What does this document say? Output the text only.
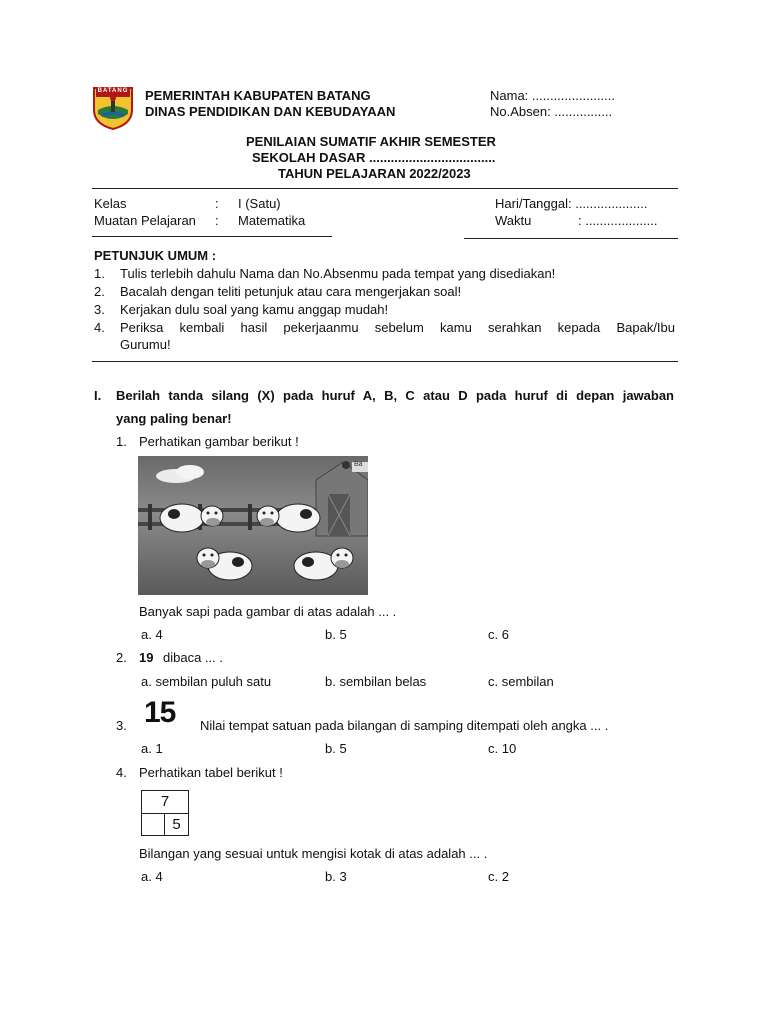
BATANG	PEMERINTAH KABUPATEN BATANG
DINAS PENDIDIKAN DAN KEBUDAYAAN
Nama: .......................
No.Absen: ................
PENILAIAN SUMATIF AKHIR SEMESTER
SEKOLAH DASAR ...................................
TAHUN PELAJARAN 2022/2023
Kelas	: I (Satu)
Muatan Pelajaran : Matematika
Hari/Tanggal: ....................
Waktu	: ....................
PETUNJUK UMUM :
1. Tulis terlebih dahulu Nama dan No.Absenmu pada tempat yang disediakan!
2. Bacalah dengan teliti petunjuk atau cara mengerjakan soal!
3. Kerjakan dulu soal yang kamu anggap mudah!
4. Periksa kembali hasil pekerjaanmu sebelum kamu serahkan kepada Bapak/Ibu
Gurumu!
I. Berilah tanda silang (X) pada huruf A, B, C atau D pada huruf di depan jawaban
yang paling benar!
1. Perhatikan gambar berikut !
Ba
Banyak sapi pada gambar di atas adalah ... .
a. 4	b. 5	c. 6
2. 19 dibaca ... .
a. sembilan puluh satu	b. sembilan belas	c. sembilan
3. 15 Nilai tempat satuan pada bilangan di samping ditempati oleh angka ... .
a. 1	b. 5	c. 10
4. Perhatikan tabel berikut !
7
5
Bilangan yang sesuai untuk mengisi kotak di atas adalah ... .
a. 4	b. 3	c. 2
